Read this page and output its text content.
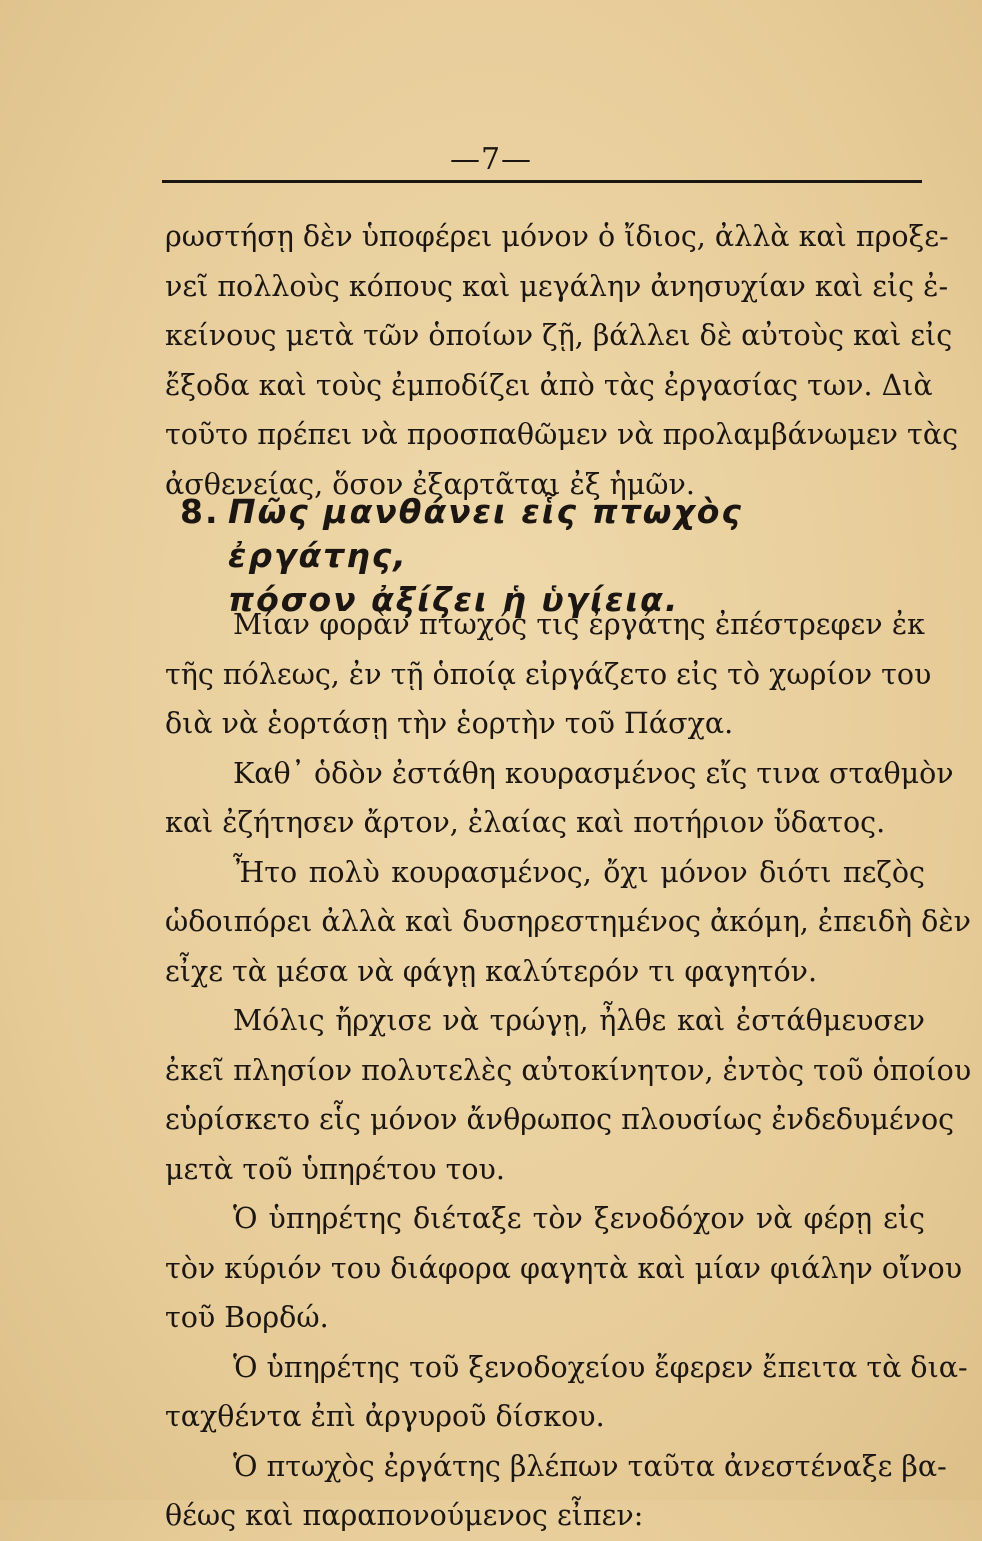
—7—
ρωστήσῃ δὲν ὑποφέρει μόνον ὁ ἴδιος, ἀλλὰ καὶ προξε-
νεῖ πολλοὺς κόπους καὶ μεγάλην ἀνησυχίαν καὶ εἰς ἐ-
κείνους μετὰ τῶν ὁποίων ζῇ, βάλλει δὲ αὐτοὺς καὶ εἰς
ἔξοδα καὶ τοὺς ἐμποδίζει ἀπὸ τὰς ἐργασίας των. Διὰ
τοῦτο πρέπει νὰ προσπαθῶμεν νὰ προλαμβάνωμεν τὰς
ἀσθενείας, ὅσον ἐξαρτᾶται ἐξ ἡμῶν.
8. Πῶς μανθάνει εἷς πτωχὸς ἐργάτης,
πόσον ἀξίζει ἡ ὑγίεια.
Μίαν φορὰν πτωχός τις ἐργάτης ἐπέστρεφεν ἐκ
τῆς πόλεως, ἐν τῇ ὁποίᾳ εἰργάζετο εἰς τὸ χωρίον του
διὰ νὰ ἑορτάσῃ τὴν ἑορτὴν τοῦ Πάσχα.
Καθ᾽ ὁδὸν ἐστάθη κουρασμένος εἴς τινα σταθμὸν
καὶ ἐζήτησεν ἄρτον, ἐλαίας καὶ ποτήριον ὕδατος.
Ἦτο πολὺ κουρασμένος, ὄχι μόνον διότι πεζὸς
ὡδοιπόρει ἀλλὰ καὶ δυσηρεστημένος ἀκόμη, ἐπειδὴ δὲν
εἶχε τὰ μέσα νὰ φάγῃ καλύτερόν τι φαγητόν.
Μόλις ἤρχισε νὰ τρώγῃ, ἦλθε καὶ ἐστάθμευσεν
ἐκεῖ πλησίον πολυτελὲς αὐτοκίνητον, ἐντὸς τοῦ ὁποίου
εὑρίσκετο εἷς μόνον ἄνθρωπος πλουσίως ἐνδεδυμένος
μετὰ τοῦ ὑπηρέτου του.
Ὁ ὑπηρέτης διέταξε τὸν ξενοδόχον νὰ φέρῃ εἰς
τὸν κύριόν του διάφορα φαγητὰ καὶ μίαν φιάλην οἴνου
τοῦ Βορδώ.
Ὁ ὑπηρέτης τοῦ ξενοδοχείου ἔφερεν ἔπειτα τὰ δια-
ταχθέντα ἐπὶ ἀργυροῦ δίσκου.
Ὁ πτωχὸς ἐργάτης βλέπων ταῦτα ἀνεστέναξε βα-
θέως καὶ παραπονούμενος εἶπεν:
